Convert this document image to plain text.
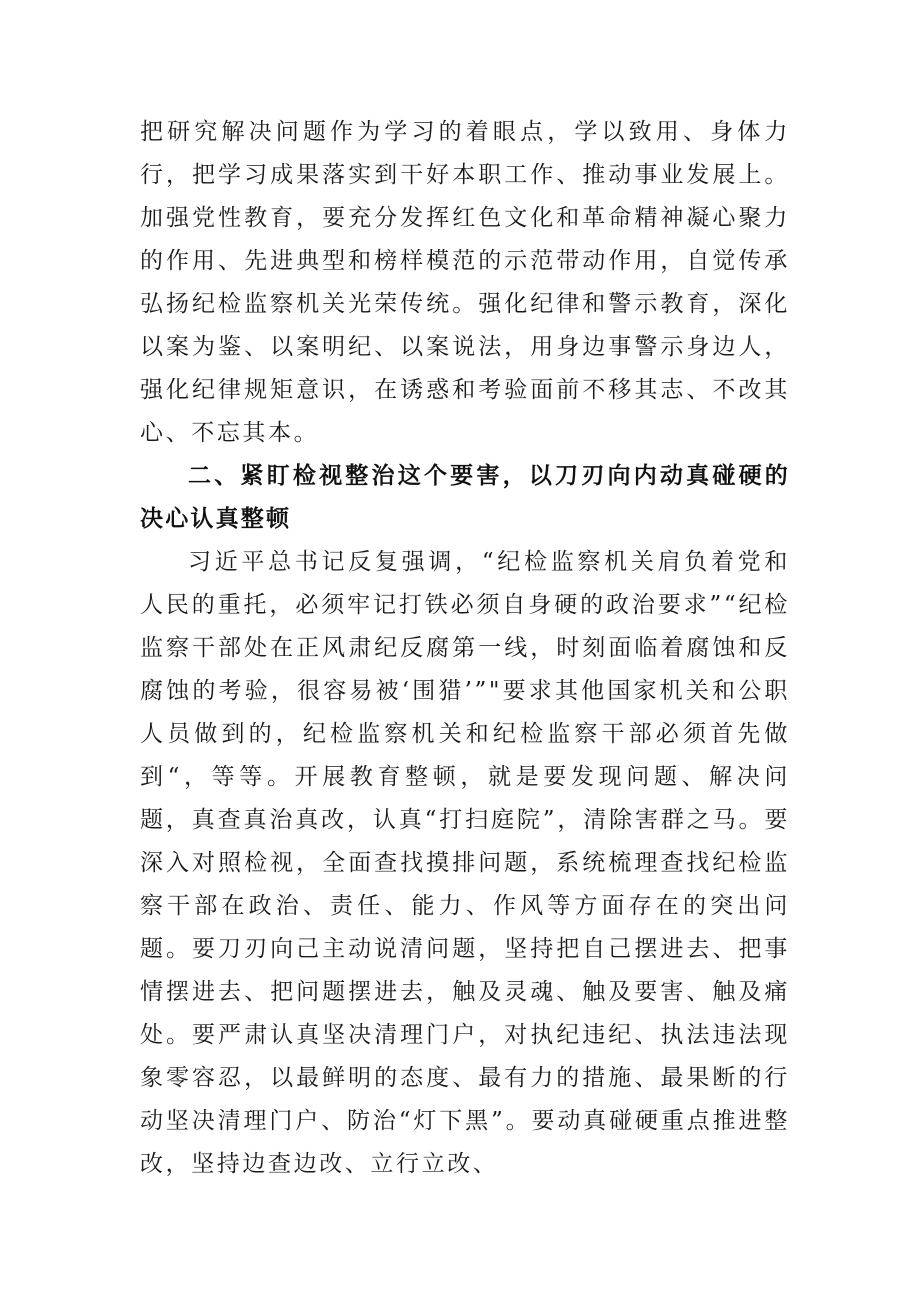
把研究解决问题作为学习的着眼点，学以致用、身体力行，把学习成果落实到干好本职工作、推动事业发展上。加强党性教育，要充分发挥红色文化和革命精神凝心聚力的作用、先进典型和榜样模范的示范带动作用，自觉传承弘扬纪检监察机关光荣传统。强化纪律和警示教育，深化以案为鉴、以案明纪、以案说法，用身边事警示身边人，强化纪律规矩意识，在诱惑和考验面前不移其志、不改其心、不忘其本。

二、紧盯检视整治这个要害，以刀刃向内动真碰硬的决心认真整顿

习近平总书记反复强调，“纪检监察机关肩负着党和人民的重托，必须牢记打铁必须自身硬的政治要求”“纪检监察干部处在正风肃纪反腐第一线，时刻面临着腐蚀和反腐蚀的考验，很容易被‘围猎’”"要求其他国家机关和公职人员做到的，纪检监察机关和纪检监察干部必须首先做到“，等等。开展教育整顿，就是要发现问题、解决问题，真查真治真改，认真“打扫庭院”，清除害群之马。要深入对照检视，全面查找摸排问题，系统梳理查找纪检监察干部在政治、责任、能力、作风等方面存在的突出问题。要刀刃向己主动说清问题，坚持把自己摆进去、把事情摆进去、把问题摆进去，触及灵魂、触及要害、触及痛处。要严肃认真坚决清理门户，对执纪违纪、执法违法现象零容忍，以最鲜明的态度、最有力的措施、最果断的行动坚决清理门户、防治“灯下黑”。要动真碰硬重点推进整改，坚持边查边改、立行立改、
